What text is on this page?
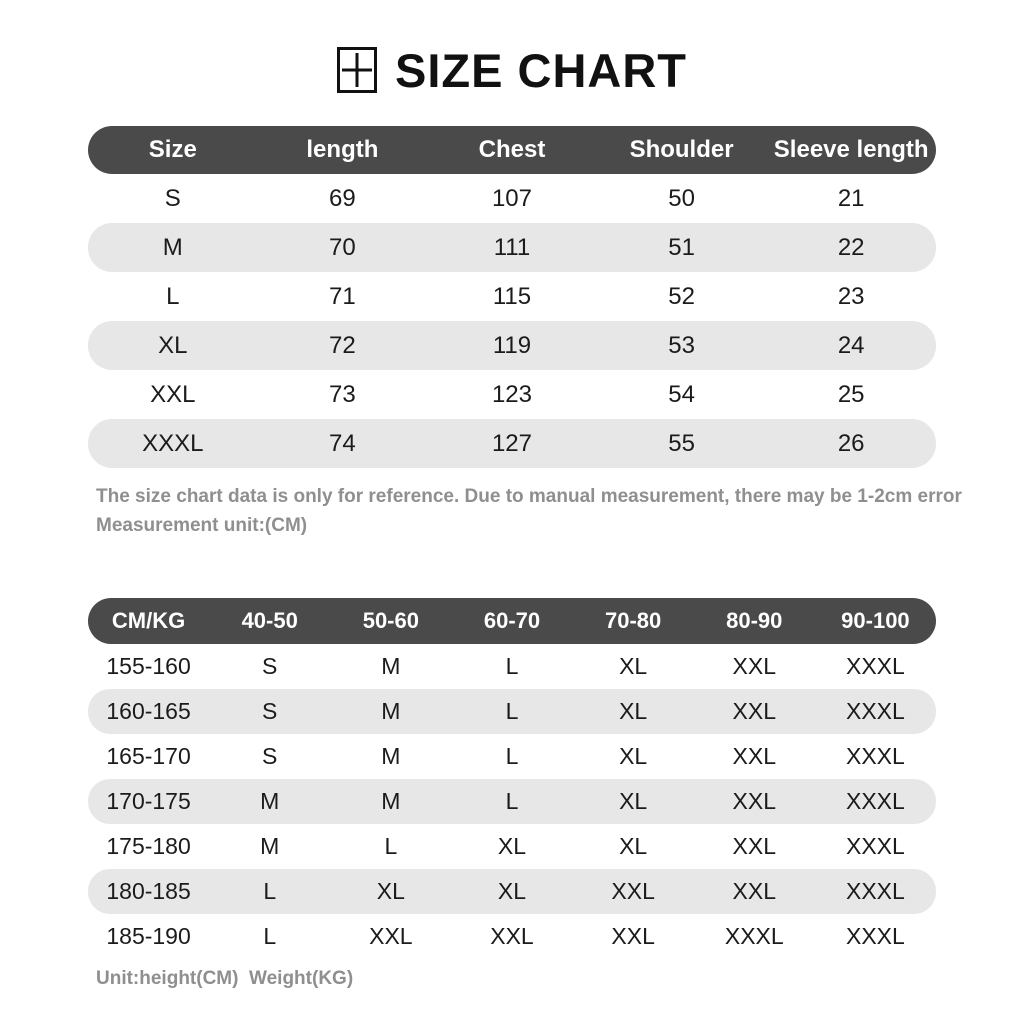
SIZE CHART
Size	length	Chest	Shoulder	Sleeve length
S	69	107	50	21
M	70	111	51	22
L	71	115	52	23
XL	72	119	53	24
XXL	73	123	54	25
XXXL	74	127	55	26
The size chart data is only for reference. Due to manual measurement, there may be 1-2cm error
Measurement unit:(CM)
CM/KG	40-50	50-60	60-70	70-80	80-90	90-100
155-160	S	M	L	XL	XXL	XXXL
160-165	S	M	L	XL	XXL	XXXL
165-170	S	M	L	XL	XXL	XXXL
170-175	M	M	L	XL	XXL	XXXL
175-180	M	L	XL	XL	XXL	XXXL
180-185	L	XL	XL	XXL	XXL	XXXL
185-190	L	XXL	XXL	XXL	XXXL	XXXL
Unit:height(CM)  Weight(KG)
